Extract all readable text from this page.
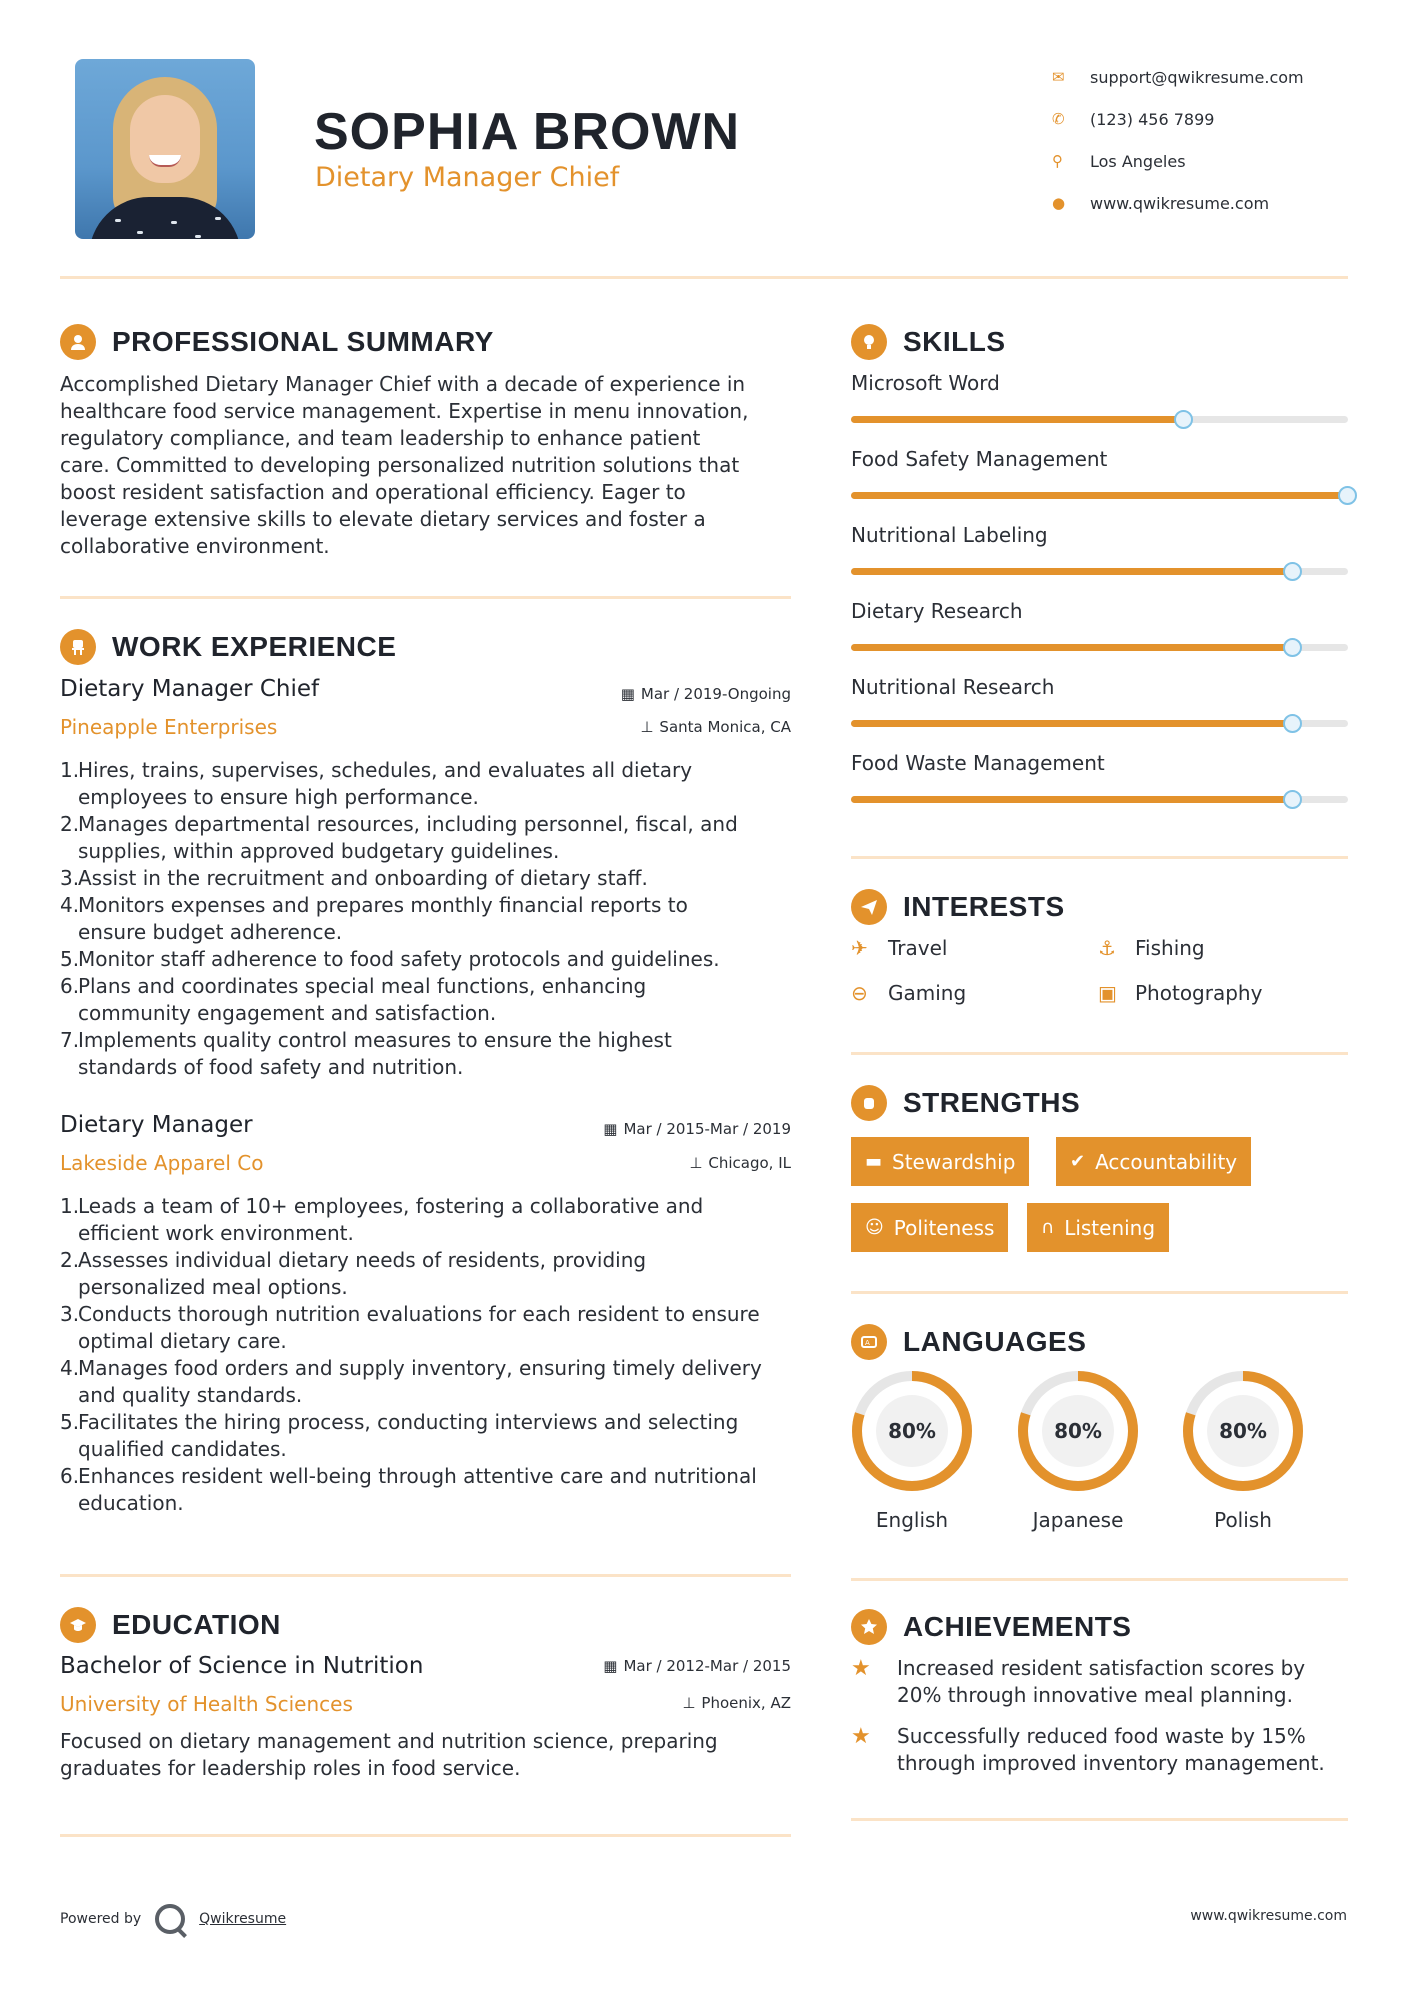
SOPHIA BROWN
Dietary Manager Chief
✉	support@qwikresume.com
✆	(123) 456 7899
⚲	Los Angeles
●	www.qwikresume.com
PROFESSIONAL SUMMARY
Accomplished Dietary Manager Chief with a decade of experience in
healthcare food service management. Expertise in menu innovation,
regulatory compliance, and team leadership to enhance patient
care. Committed to developing personalized nutrition solutions that
boost resident satisfaction and operational efficiency. Eager to
leverage extensive skills to elevate dietary services and foster a
collaborative environment.
WORK EXPERIENCE
Dietary Manager Chief
Pineapple Enterprises
▦ Mar / 2019-Ongoing
⊥ Santa Monica, CA
1.
Hires, trains, supervises, schedules, and evaluates all dietary
employees to ensure high performance.
2.
Manages departmental resources, including personnel, fiscal, and
supplies, within approved budgetary guidelines.
3.
Assist in the recruitment and onboarding of dietary staff.
4.
Monitors expenses and prepares monthly financial reports to
ensure budget adherence.
5.
Monitor staff adherence to food safety protocols and guidelines.
6.
Plans and coordinates special meal functions, enhancing
community engagement and satisfaction.
7.
Implements quality control measures to ensure the highest
standards of food safety and nutrition.
Dietary Manager
Lakeside Apparel Co
▦ Mar / 2015-Mar / 2019
⊥ Chicago, IL
1.
Leads a team of 10+ employees, fostering a collaborative and
efficient work environment.
2.
Assesses individual dietary needs of residents, providing
personalized meal options.
3.
Conducts thorough nutrition evaluations for each resident to ensure
optimal dietary care.
4.
Manages food orders and supply inventory, ensuring timely delivery
and quality standards.
5.
Facilitates the hiring process, conducting interviews and selecting
qualified candidates.
6.
Enhances resident well-being through attentive care and nutritional
education.
EDUCATION
Bachelor of Science in Nutrition
University of Health Sciences
▦ Mar / 2012-Mar / 2015
⊥ Phoenix, AZ
Focused on dietary management and nutrition science, preparing
graduates for leadership roles in food service.
SKILLS
Microsoft Word
Food Safety Management
Nutritional Labeling
Dietary Research
Nutritional Research
Food Waste Management
INTERESTS
✈	Travel	⚓ Fishing
⊖	Gaming	▣ Photography
STRENGTHS
▬ Stewardship	✔ Accountability
☺ Politeness	∩ Listening
A LANGUAGES
80%
English
80%
Japanese
80%
Polish
ACHIEVEMENTS
★	Increased resident satisfaction scores by
20% through innovative meal planning.
★	Successfully reduced food waste by 15%
through improved inventory management.
Powered by	Qwikresume	www.qwikresume.com
